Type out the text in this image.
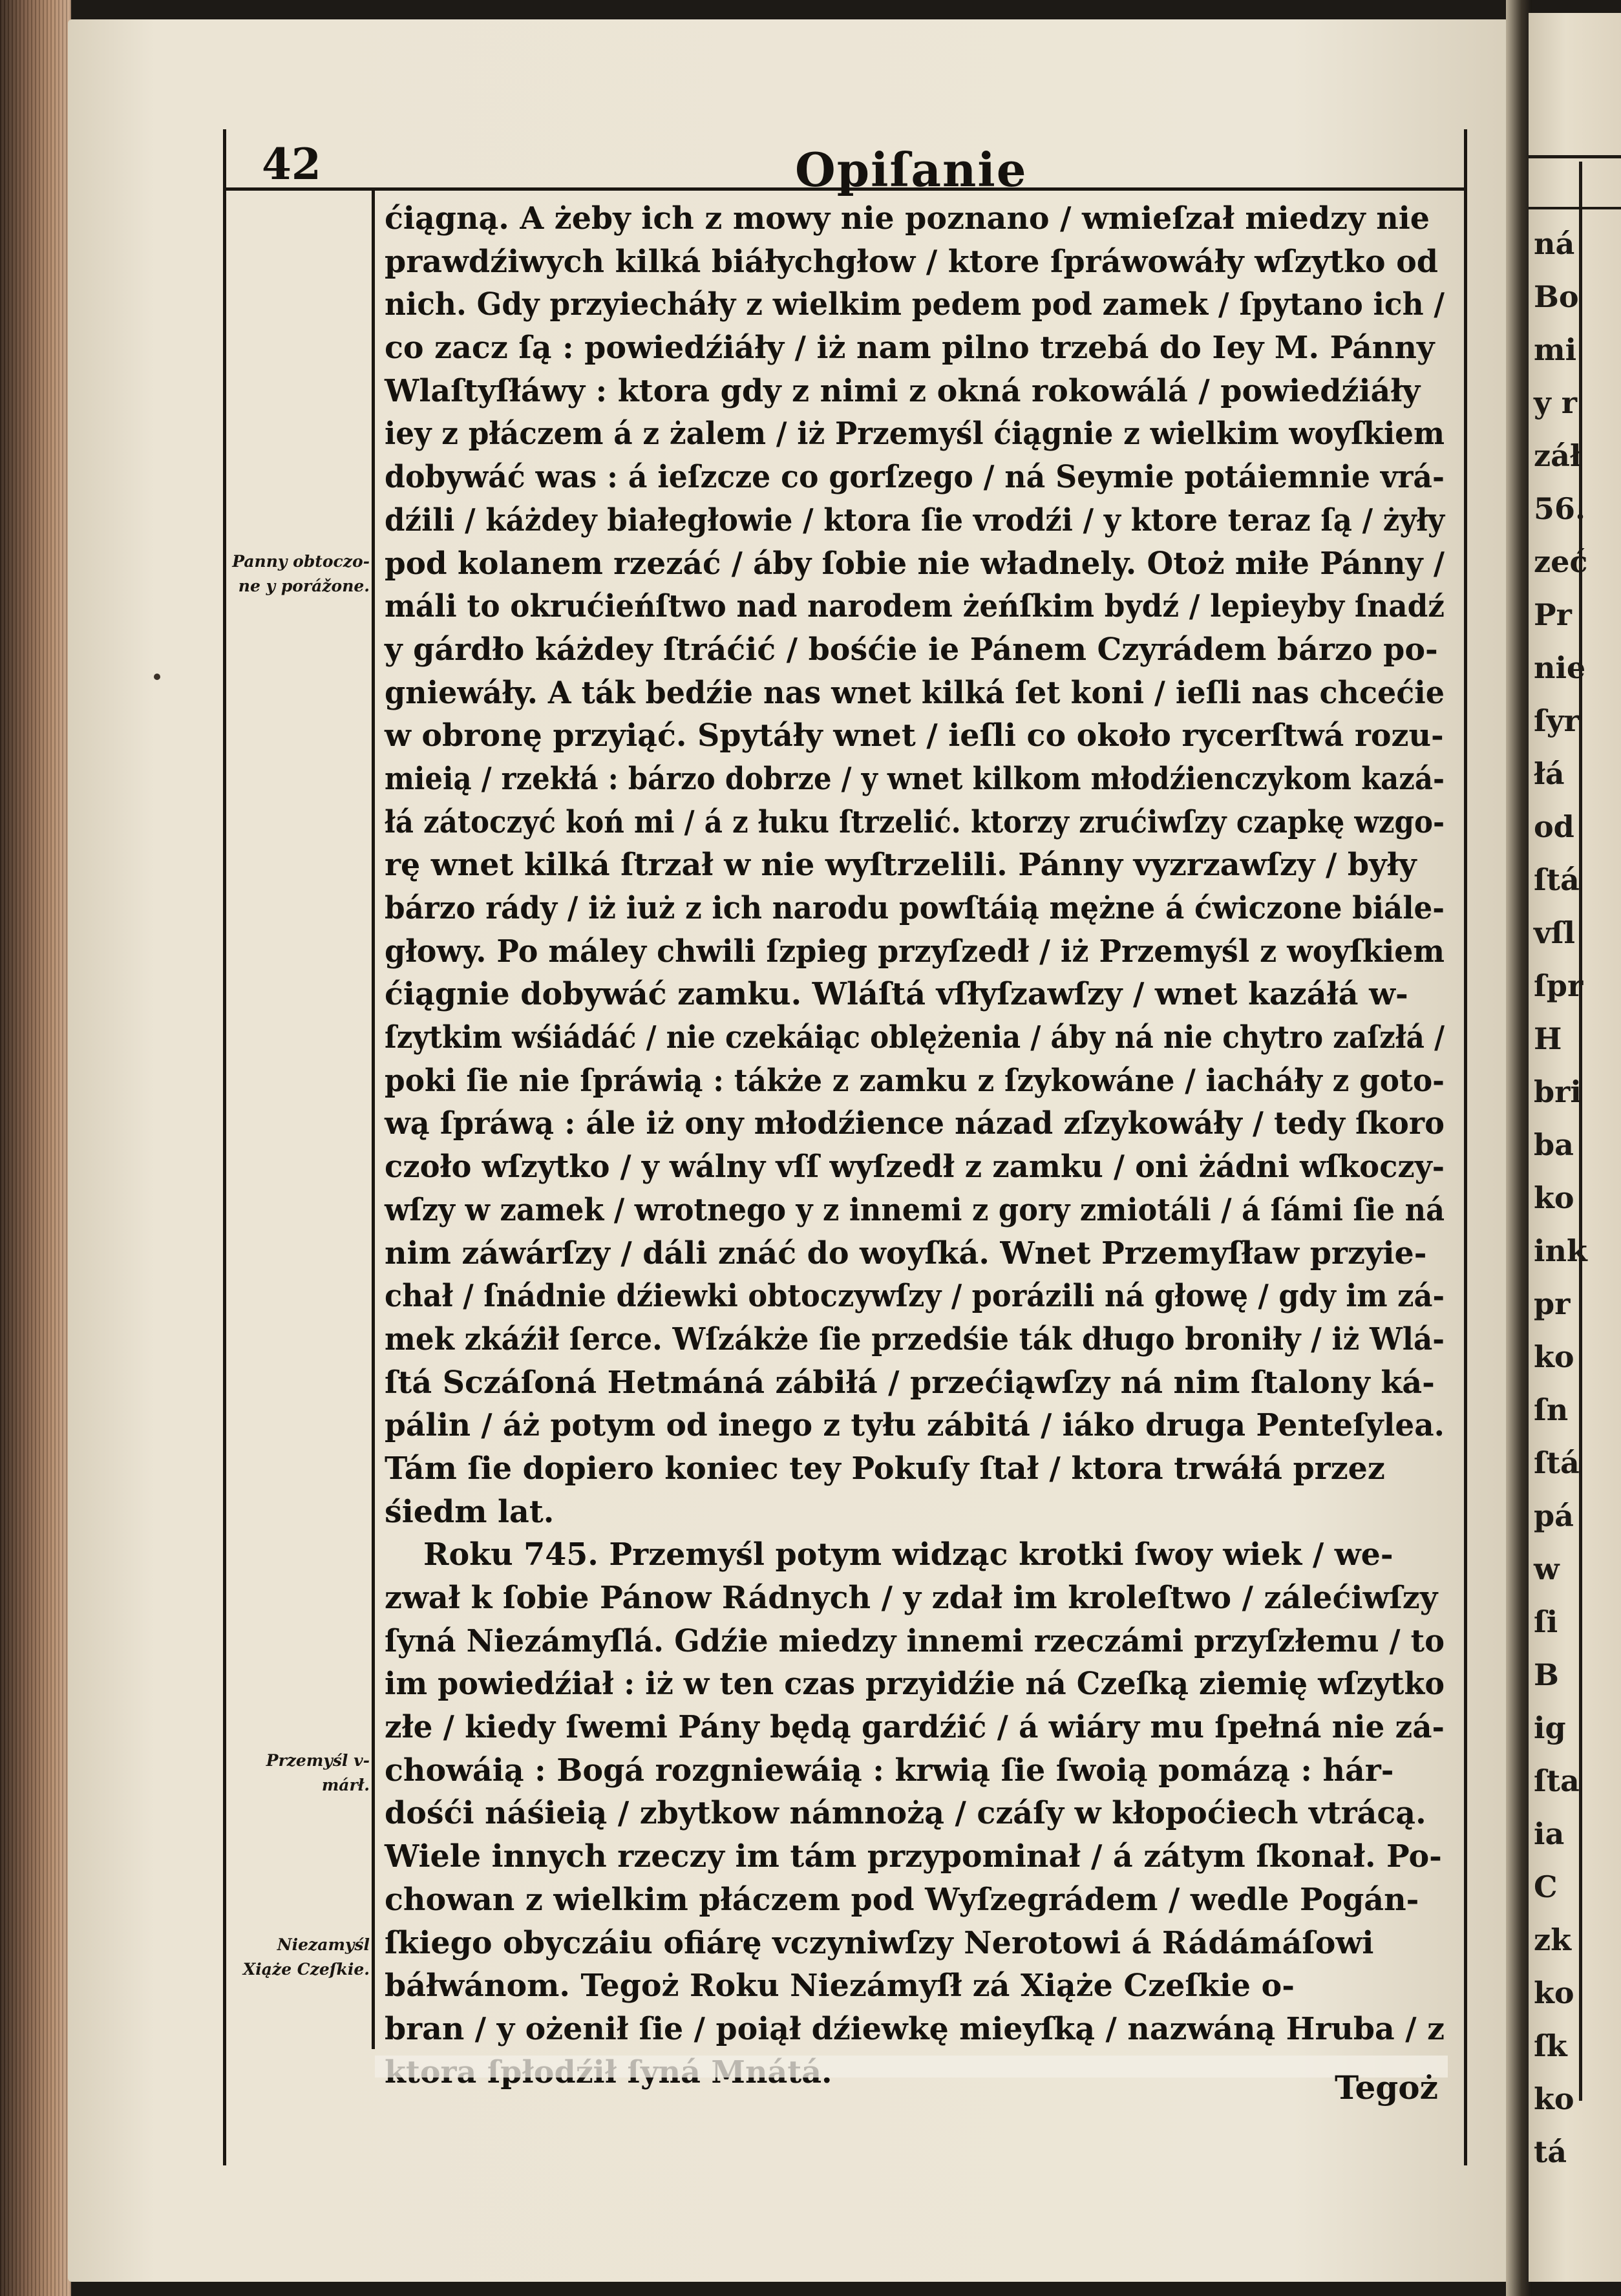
ná
Bo
mi
y r
záł
56.
zeć
Pr
nie
ſyr
łá
od
ſtá
vſl
ſpr
H
bri
ba
ko
ink
pr
ko
ſn
ſtá
pá
w
ſi
B
ig
ſta
ia
C
zk
ko
ſk
ko
tá
42	Opiſanie
Panny obtoczo-
ne y porážone.
Przemyśl v-
márł.
Niezamyśl
Xiąże Czeſkie.
ćiągną. A żeby ich z mowy nie poznano / wmieſzał miedzy nie
prawdźiwych kilká biáłychgłow / ktore ſpráwowáły wſzytko od
nich. Gdy przyiecháły z wielkim pedem pod zamek / ſpytano ich /
co zacz ſą : powiedźiáły / iż nam pilno trzebá do Iey M. Pánny
Wlaſtyſłáwy : ktora gdy z nimi z okná rokowálá / powiedźiáły
iey z płáczem á z żalem / iż Przemyśl ćiągnie z wielkim woyſkiem
dobywáć was : á ieſzcze co gorſzego / ná Seymie potáiemnie vrá-
dźili / káżdey białegłowie / ktora ſie vrodźi / y ktore teraz ſą / żyły
pod kolanem rzezáć / áby ſobie nie władnely. Otoż miłe Pánny /
máli to okrućieńſtwo nad narodem żeńſkim bydź / lepieyby ſnadź
y gárdło káżdey ſtráćić / bośćie ie Pánem Czyrádem bárzo po-
gniewáły. A ták bedźie nas wnet kilká ſet koni / ieſli nas chcećie
w obronę przyiąć. Spytáły wnet / ieſli co około rycerſtwá rozu-
mieią / rzekłá : bárzo dobrze / y wnet kilkom młodźienczykom kazá-
łá zátoczyć koń mi / á z łuku ſtrzelić. ktorzy zrućiwſzy czapkę wzgo-
rę wnet kilká ſtrzał w nie wyſtrzelili. Pánny vyzrzawſzy / były
bárzo rády / iż iuż z ich narodu powſtáią mężne á ćwiczone biále-
głowy. Po máley chwili ſzpieg przyſzedł / iż Przemyśl z woyſkiem
ćiągnie dobywáć zamku. Wláſtá vſłyſzawſzy / wnet kazáłá w-
ſzytkim wśiádáć / nie czekáiąc oblężenia / áby ná nie chytro zaſzłá /
poki ſie nie ſpráwią : tákże z zamku z ſzykowáne / iacháły z goto-
wą ſpráwą : ále iż ony młodźience názad zſzykowáły / tedy ſkoro
czoło wſzytko / y wálny vſſ wyſzedł z zamku / oni żádni wſkoczy-
wſzy w zamek / wrotnego y z innemi z gory zmiotáli / á ſámi ſie ná
nim záwárſzy / dáli znáć do woyſká. Wnet Przemyſław przyie-
chał / ſnádnie dźiewki obtoczywſzy / porázili ná głowę / gdy im zá-
mek zkáźił ſerce. Wſzákże ſie przedśie ták długo broniły / iż Wlá-
ſtá Sczáſoná Hetmáná zábiłá / przećiąwſzy ná nim ſtalony ká-
pálin / áż potym od inego z tyłu zábitá / iáko druga Penteſylea.
Tám ſie dopiero koniec tey Pokuſy ſtał / ktora trwáłá przez
śiedm lat.
Roku 745. Przemyśl potym widząc krotki ſwoy wiek / we-
zwał k ſobie Pánow Rádnych / y zdał im kroleſtwo / zálećiwſzy
ſyná Niezámyſlá. Gdźie miedzy innemi rzeczámi przyſzłemu / to
im powiedźiał : iż w ten czas przyidźie ná Czeſką ziemię wſzytko
złe / kiedy ſwemi Pány będą gardźić / á wiáry mu ſpełná nie zá-
chowáią : Bogá rozgniewáią : krwią ſie ſwoią pomázą : hár-
dośći náśieią / zbytkow námnożą / czáſy w kłopoćiech vtrácą.
Wiele innych rzeczy im tám przypominał / á zátym ſkonał. Po-
chowan z wielkim płáczem pod Wyſzegrádem / wedle Pogán-
ſkiego obyczáiu ofiárę vczyniwſzy Nerotowi á Rádámáſowi
báłwánom. Tegoż Roku Niezámyſł zá Xiąże Czeſkie o-
bran / y ożenił ſie / poiął dźiewkę mieyſką / nazwáną Hruba / z
Tegoż
